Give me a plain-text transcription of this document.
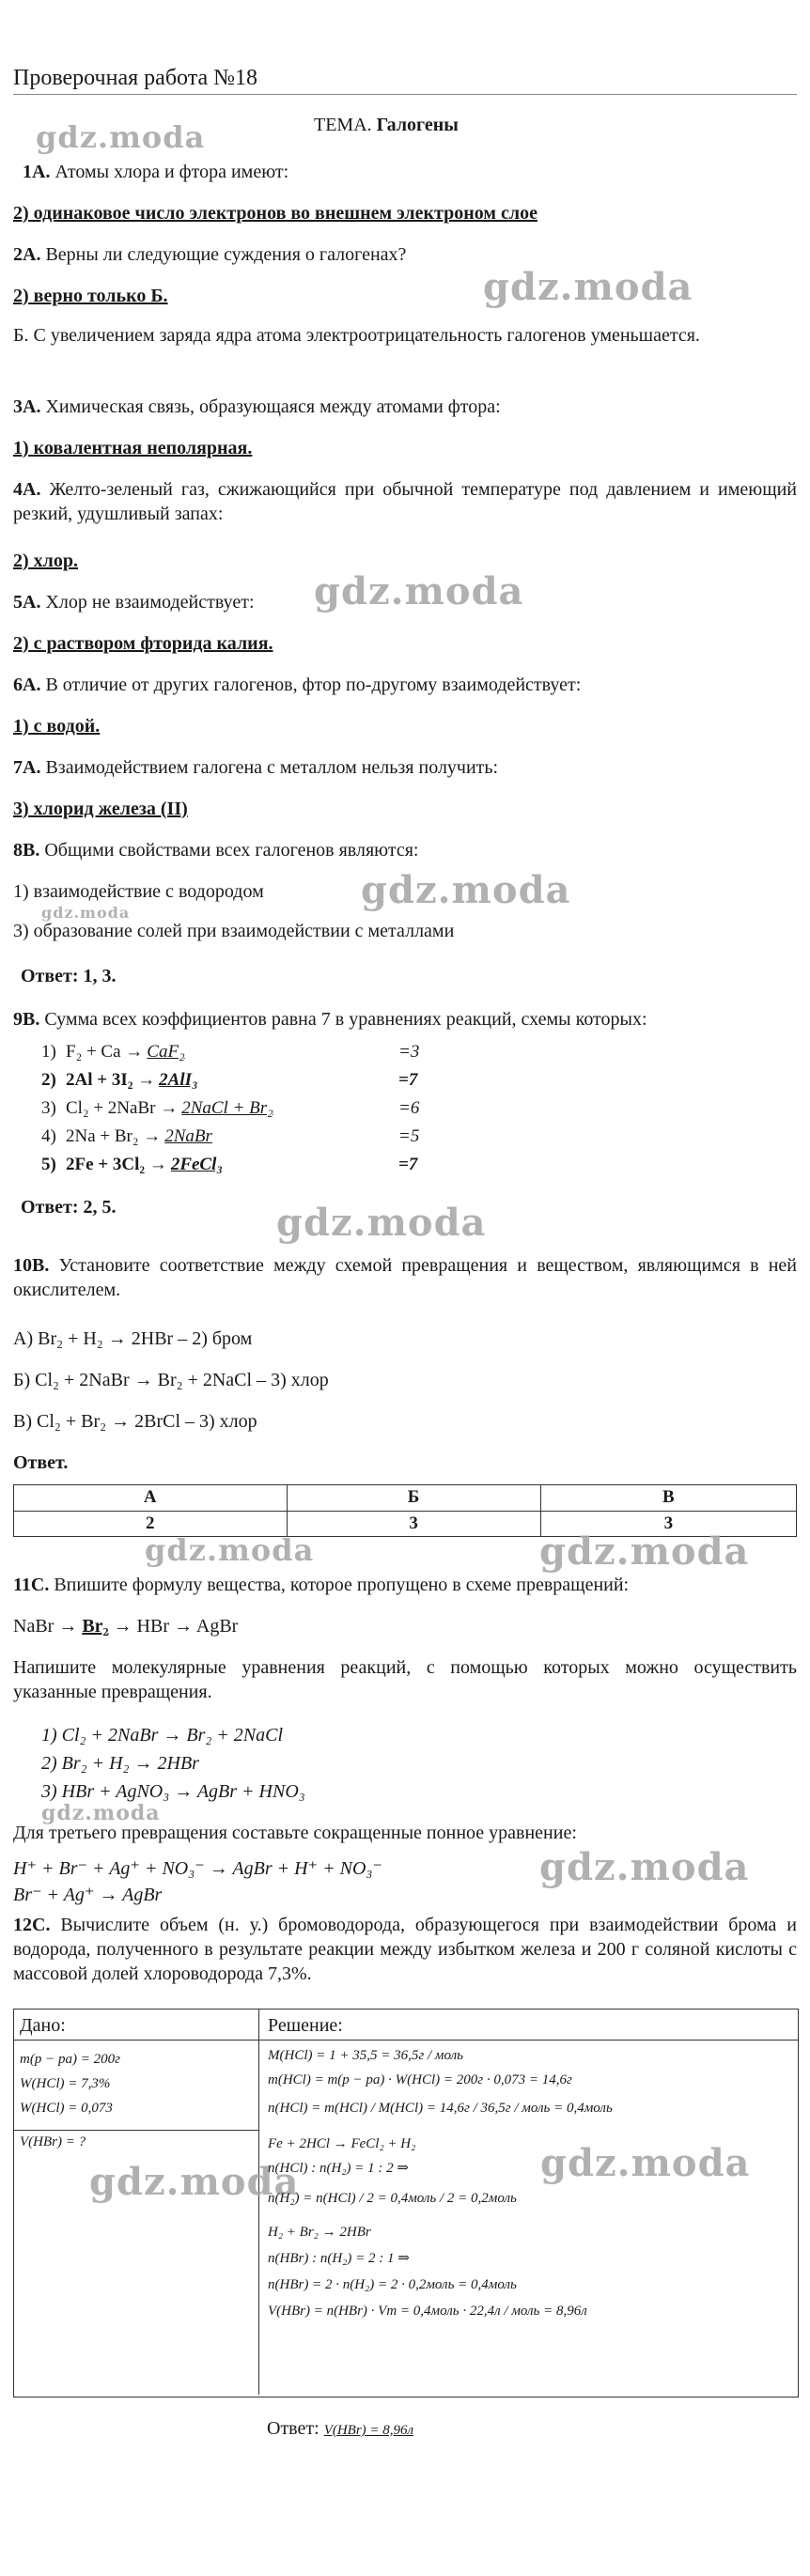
Проверочная работа №18
ТЕМА. Галогены
gdz.moda
1А. Атомы хлора и фтора имеют:
2) одинаковое число электронов во внешнем электроном слое
2А. Верны ли следующие суждения о галогенах?
2) верно только Б.	gdz.moda
Б. С увеличением заряда ядра атома электроотрицательность галогенов уменьшается.
3А. Химическая связь, образующаяся между атомами фтора:
1) ковалентная неполярная.
4А. Желто-зеленый газ, сжижающийся при обычной температуре под давлением и имеющий резкий, удушливый запах:
2) хлор.
5А. Хлор не взаимодействует:	gdz.moda
2) с раствором фторида калия.
6А. В отличие от других галогенов, фтор по-другому взаимодействует:
1) с водой.
7А. Взаимодействием галогена с металлом нельзя получить:
3) хлорид железа (II)
8В. Общими свойствами всех галогенов являются:
1) взаимодействие с водородом	gdz.moda
gdz.moda
3) образование солей при взаимодействии с металлами
Ответ: 1, 3.
9В. Сумма всех коэффициентов равна 7 в уравнениях реакций, схемы которых:
1) F₂ + Ca → CaF₂	=3
2) 2Al + 3I₂ → 2AlI₃	=7
3) Cl₂ + 2NaBr → 2NaCl + Br₂	=6
4) 2Na + Br₂ → 2NaBr	=5
5) 2Fe + 3Cl₂ → 2FeCl₃	=7
Ответ: 2, 5.	gdz.moda
10В. Установите соответствие между схемой превращения и веществом, являющимся в ней окислителем.
А) Br₂ + H₂ → 2HBr – 2) бром
Б) Cl₂ + 2NaBr → Br₂ + 2NaCl – 3) хлор
В) Cl₂ + Br₂ → 2BrCl – 3) хлор
Ответ.
А	Б	В
2	3	3
gdz.moda	gdz.moda
11С. Впишите формулу вещества, которое пропущено в схеме превращений:
NaBr → Br₂ → HBr → AgBr
Напишите молекулярные уравнения реакций, с помощью которых можно осуществить указанные превращения.
1) Cl₂ + 2NaBr → Br₂ + 2NaCl
2) Br₂ + H₂ → 2HBr
3) HBr + AgNO₃ → AgBr + HNO₃
gdz.moda
Для третьего превращения составьте сокращенные понное уравнение:
H⁺ + Br⁻ + Ag⁺ + NO₃⁻ → AgBr + H⁺ + NO₃⁻
Br⁻ + Ag⁺ → AgBr
gdz.moda
12С. Вычислите объем (н. у.) бромоводорода, образующегося при взаимодействии брома и водорода, полученного в результате реакции между избытком железа и 200 г соляной кислоты с массовой долей хлороводорода 7,3%.
Дано:	Решение:
m(p − pa) = 200г
W(HCl) = 7,3%
W(HCl) = 0,073
V(HBr) = ?
gdz.moda
M(HCl) = 1 + 35,5 = 36,5г / моль
m(HCl) = m(p − pa) · W(HCl) = 200г · 0,073 = 14,6г
n(HCl) = m(HCl) / M(HCl) = 14,6г / 36,5г / моль = 0,4моль
Fe + 2HCl → FeCl₂ + H₂
n(HCl) : n(H₂) = 1 : 2 ⇒
n(H₂) = n(HCl) / 2 = 0,4моль / 2 = 0,2моль
H₂ + Br₂ → 2HBr
n(HBr) : n(H₂) = 2 : 1 ⇒
n(HBr) = 2 · n(H₂) = 2 · 0,2моль = 0,4моль
V(HBr) = n(HBr) · Vm = 0,4моль · 22,4л / моль = 8,96л
gdz.moda
Ответ: V(HBr) = 8,96л
